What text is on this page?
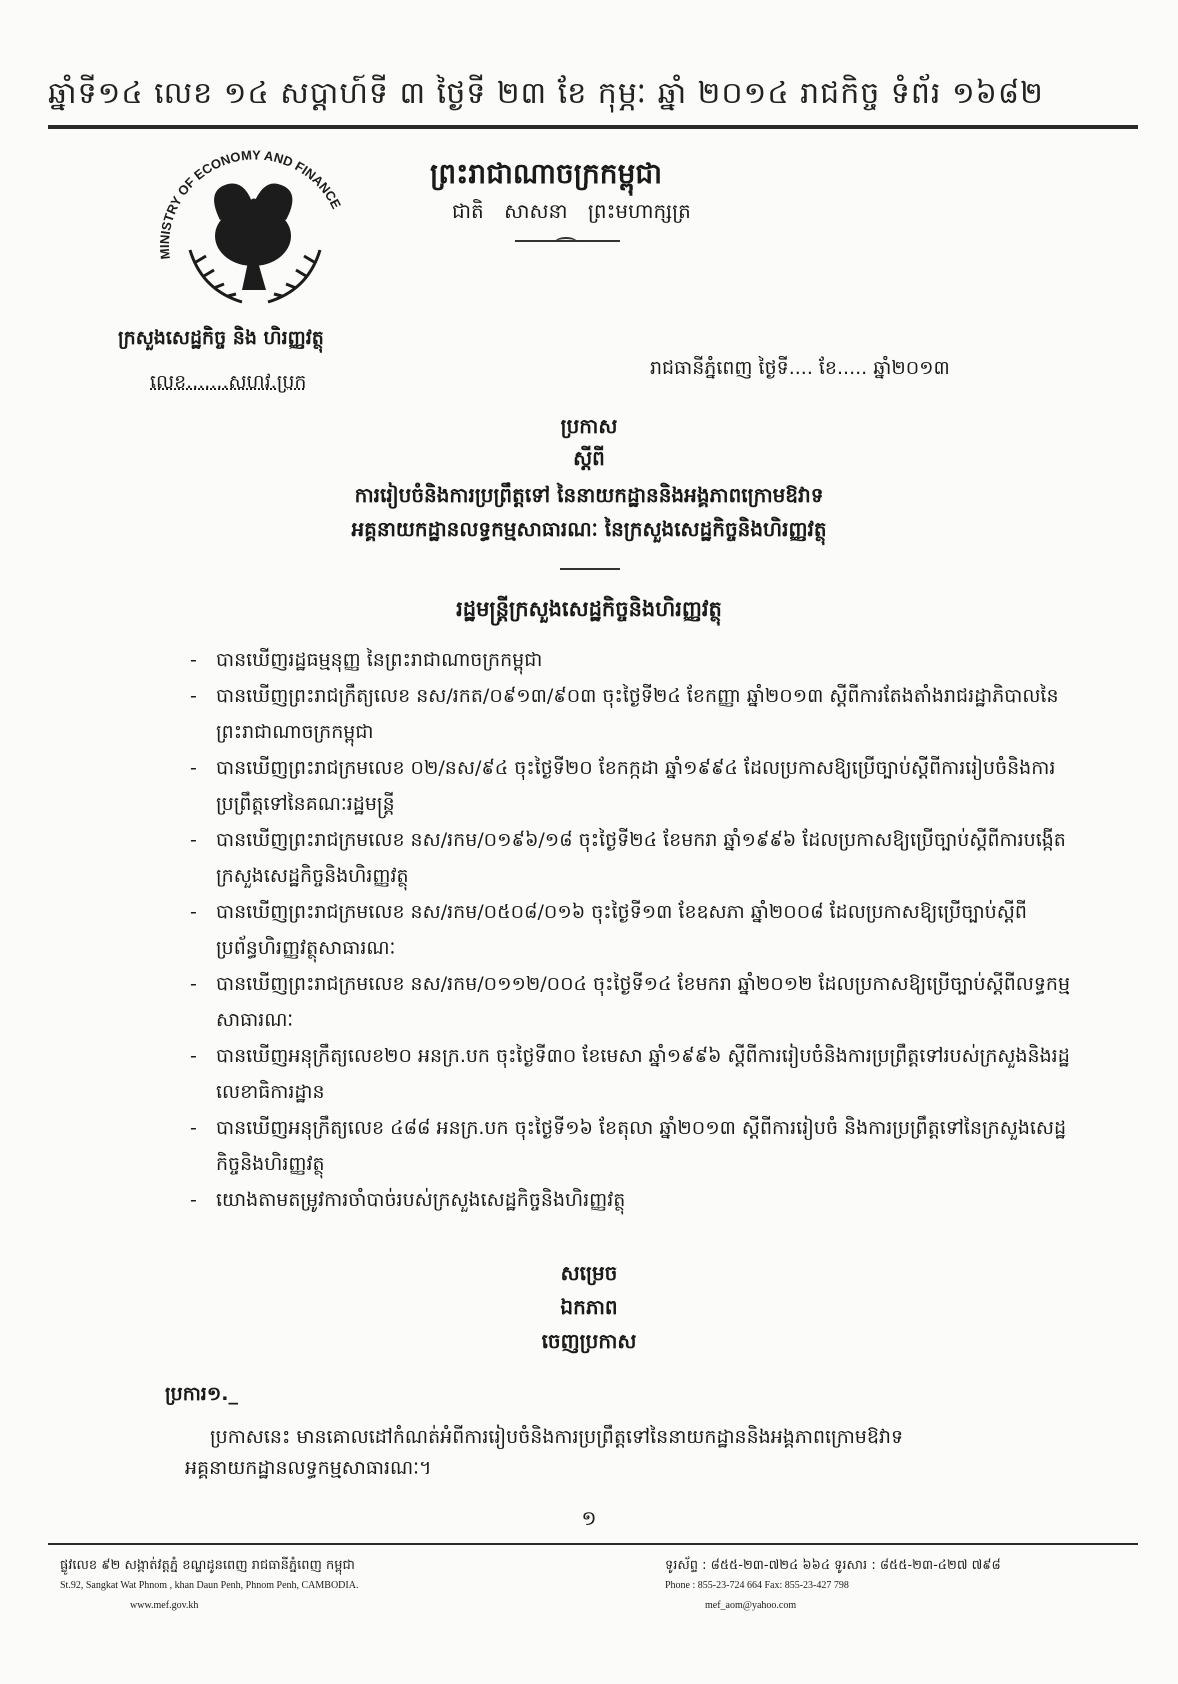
ឆ្នាំទី១៤ លេខ ១៤ សប្តាហ៍ទី ៣ ថ្ងៃទី ២៣ ខែ កុម្ភៈ ឆ្នាំ ២០១៤ រាជកិច្ច ទំព័រ ១៦៨២
MINISTRY OF ECONOMY AND FINANCE
ក្រសួងសេដ្ឋកិច្ច និង ហិរញ្ញវត្ថុ
លេខ.......សហវ.ប្រក
ព្រះរាជាណាចក្រកម្ពុជា
ជាតិ សាសនា ព្រះមហាក្សត្រ
រាជធានីភ្នំពេញ ថ្ងៃទី.... ខែ..... ឆ្នាំ២០១៣
ប្រកាស
ស្តីពី
ការរៀបចំនិងការប្រព្រឹត្តទៅ នៃនាយកដ្ឋាននិងអង្គភាពក្រោមឱវាទ
អគ្គនាយកដ្ឋានលទ្ធកម្មសាធារណៈ នៃក្រសួងសេដ្ឋកិច្ចនិងហិរញ្ញវត្ថុ
រដ្ឋមន្ត្រីក្រសួងសេដ្ឋកិច្ចនិងហិរញ្ញវត្ថុ
- បានឃើញរដ្ឋធម្មនុញ្ញ នៃព្រះរាជាណាចក្រកម្ពុជា
- បានឃើញព្រះរាជក្រឹត្យលេខ នស/រកត/០៩១៣/៩០៣ ចុះថ្ងៃទី២៤ ខែកញ្ញា ឆ្នាំ២០១៣ ស្តីពីការតែងតាំងរាជរដ្ឋាភិបាលនៃព្រះរាជាណាចក្រកម្ពុជា
- បានឃើញព្រះរាជក្រមលេខ ០២/នស/៩៤ ចុះថ្ងៃទី២០ ខែកក្កដា ឆ្នាំ១៩៩៤ ដែលប្រកាសឱ្យប្រើច្បាប់ស្តីពីការរៀបចំនិងការប្រព្រឹត្តទៅនៃគណៈរដ្ឋមន្ត្រី
- បានឃើញព្រះរាជក្រមលេខ នស/រកម/០១៩៦/១៨ ចុះថ្ងៃទី២៤ ខែមករា ឆ្នាំ១៩៩៦ ដែលប្រកាសឱ្យប្រើច្បាប់ស្តីពីការបង្កើតក្រសួងសេដ្ឋកិច្ចនិងហិរញ្ញវត្ថុ
- បានឃើញព្រះរាជក្រមលេខ នស/រកម/០៥០៨/០១៦ ចុះថ្ងៃទី១៣ ខែឧសភា ឆ្នាំ២០០៨ ដែលប្រកាសឱ្យប្រើច្បាប់ស្តីពីប្រព័ន្ធហិរញ្ញវត្ថុសាធារណៈ
- បានឃើញព្រះរាជក្រមលេខ នស/រកម/០១១២/០០៤ ចុះថ្ងៃទី១៤ ខែមករា ឆ្នាំ២០១២ ដែលប្រកាសឱ្យប្រើច្បាប់ស្តីពីលទ្ធកម្មសាធារណៈ
- បានឃើញអនុក្រឹត្យលេខ២០ អនក្រ.បក ចុះថ្ងៃទី៣០ ខែមេសា ឆ្នាំ១៩៩៦ ស្តីពីការរៀបចំនិងការប្រព្រឹត្តទៅរបស់ក្រសួងនិងរដ្ឋលេខាធិការដ្ឋាន
- បានឃើញអនុក្រឹត្យលេខ ៤៨៨ អនក្រ.បក ចុះថ្ងៃទី១៦ ខែតុលា ឆ្នាំ២០១៣ ស្តីពីការរៀបចំ និងការប្រព្រឹត្តទៅនៃក្រសួងសេដ្ឋកិច្ចនិងហិរញ្ញវត្ថុ
- យោងតាមតម្រូវការចាំបាច់របស់ក្រសួងសេដ្ឋកិច្ចនិងហិរញ្ញវត្ថុ
សម្រេច
ឯកភាព
ចេញប្រកាស
ប្រការ១._
ប្រកាសនេះ មានគោលដៅកំណត់អំពីការរៀបចំនិងការប្រព្រឹត្តទៅនៃនាយកដ្ឋាននិងអង្គភាពក្រោមឱវាទ
អគ្គនាយកដ្ឋានលទ្ធកម្មសាធារណៈ។
១
ផ្លូវលេខ ៩២ សង្កាត់វត្តភ្នំ ខណ្ឌដូនពេញ រាជធានីភ្នំពេញ កម្ពុជា
St.92, Sangkat Wat Phnom , khan Daun Penh, Phnom Penh, CAMBODIA.
www.mef.gov.kh
ទូរស័ព្ទ : ៨៥៥-២៣-៧២៤ ៦៦៤ ទូរសារ : ៨៥៥-២៣-៤២៧ ៧៩៨
Phone : 855-23-724 664 Fax: 855-23-427 798
mef_aom@yahoo.com
